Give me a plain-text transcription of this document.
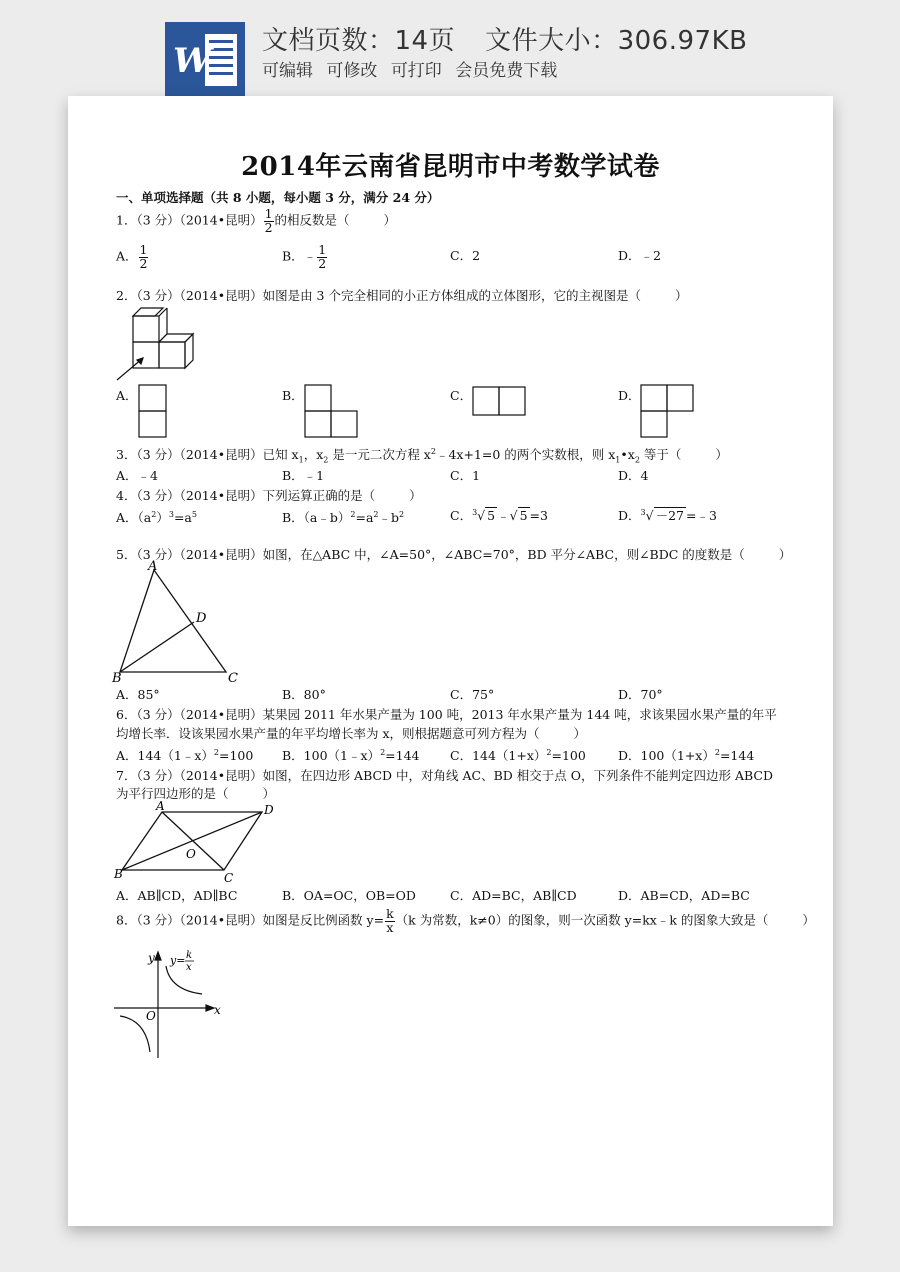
W 文档页数：14页 文件大小：306.97KB
可编辑 可修改 可打印 会员免费下载
2014年云南省昆明市中考数学试卷
一、单项选择题（共 8 小题，每小题 3 分，满分 24 分）
1．（3 分）（2014•昆明） $\frac{1}{2}$ 的相反数是（	）
A． $\frac{1}{2}$	B．﹣ $\frac{1}{2}$	C．2	D．﹣2
2．（3 分）（2014•昆明）如图是由 3 个完全相同的小正方体组成的立体图形，它的主视图是（	）
A．	B．	C．	D．
3．（3 分）（2014•昆明）已知 $x_1$，$x_2$ 是一元二次方程 $x^2﹣4x+1=0$ 的两个实数根，则 $x_1•x_2$ 等于（	）
A．﹣4	B．﹣1	C．1	D．4
4．（3 分）（2014•昆明）下列运算正确的是（	）
A．$(a^2)^3=a^5$	B．$(a﹣b)^2=a^2﹣b^2$	C．$^3$√ 5 ﹣√ 5 =3	D．$^3$√ －27 =﹣3
5．（3 分）（2014•昆明）如图，在△ABC 中，∠A=50°，∠ABC=70°，BD 平分∠ABC，则∠BDC 的度数是（	）
A
B	C
D
A．85°	B．80°	C．75°	D．70°
6．（3 分）（2014•昆明）某果园 2011 年水果产量为 100 吨，2013 年水果产量为 144 吨，求该果园水果产量的年平
均增长率．设该果园水果产量的年平均增长率为 x，则根据题意可列方程为（	）
A．144（1﹣x）$^2$=100 B．100（1﹣x）$^2$=144 C．$144(1+x)^2=100$	D．$100(1+x)^2=144$
7．（3 分）（2014•昆明）如图，在四边形 ABCD 中，对角线 AC、BD 相交于点 O，下列条件不能判定四边形 ABCD
为平行四边形的是（	）
A	D
B	C
O
A．AB∥CD，AD∥BC	B．OA=OC，OB=OD	C．AD=BC，AB∥CD	D．AB=CD，AD=BC
8．（3 分）（2014•昆明）如图是反比例函数 $y= \frac{k}{x} (k$ 为常数，k≠0）的图象，则一次函数 y=kx﹣k 的图象大致是（	）
y
x
O
y= k
x
